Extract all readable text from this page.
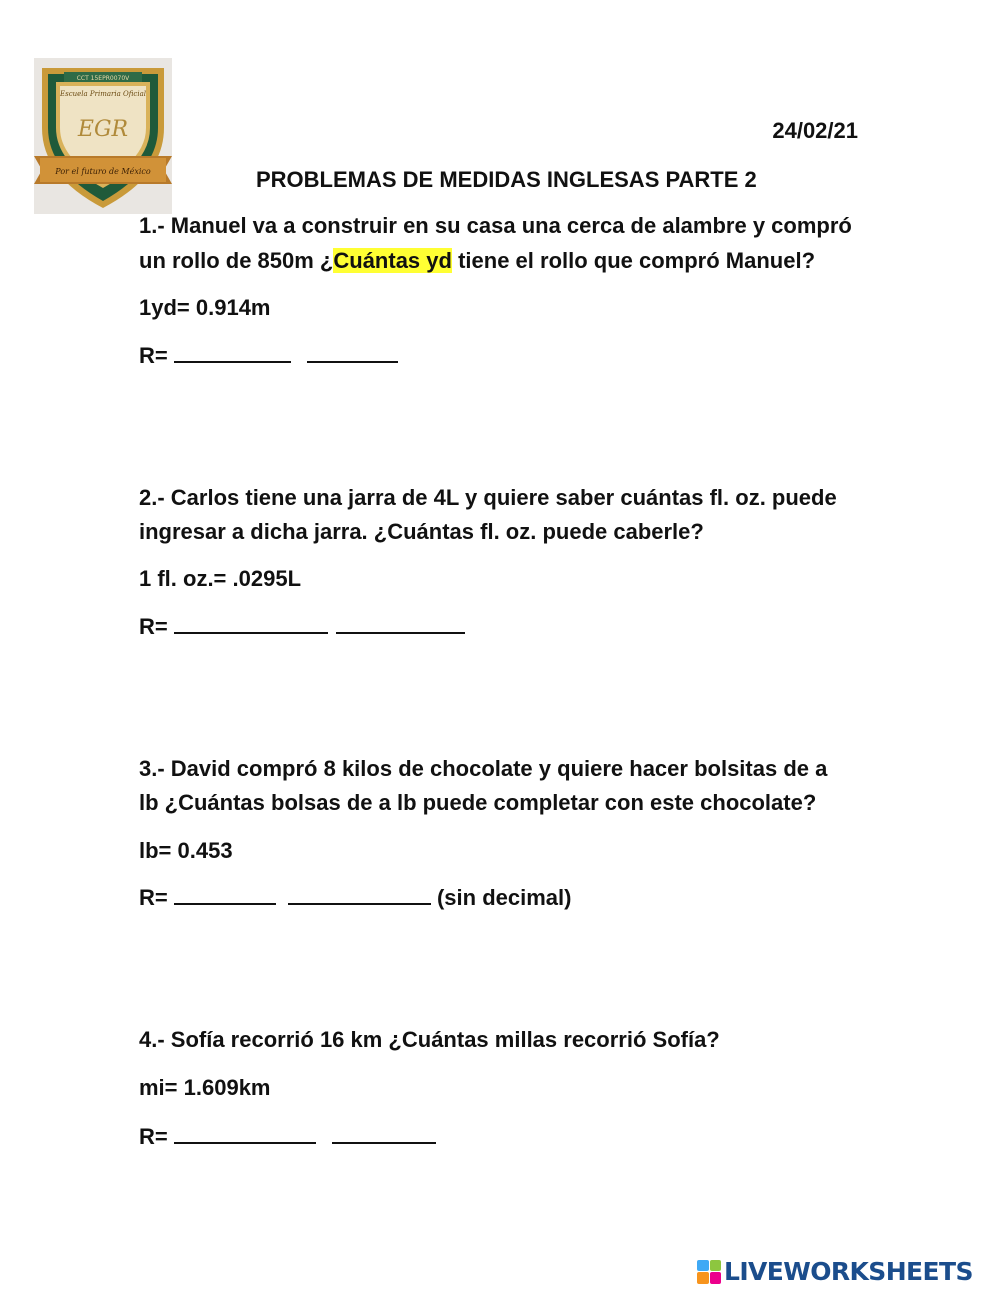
CCT 15EPR0070V
Escuela Primaria Oficial
EGR
Por el futuro de México
24/02/21
PROBLEMAS DE MEDIDAS INGLESAS PARTE 2
1.- Manuel va a construir en su casa una cerca de alambre y compró
un rollo de 850m ¿Cuántas yd tiene el rollo que compró Manuel?
1yd= 0.914m
R=
2.- Carlos tiene una jarra de 4L y quiere saber cuántas fl. oz. puede
ingresar a dicha jarra. ¿Cuántas fl. oz. puede caberle?
1 fl. oz.= .0295L
R=
3.- David compró 8 kilos de chocolate y quiere hacer bolsitas de a
lb ¿Cuántas bolsas de a lb puede completar con este chocolate?
lb= 0.453
R=	(sin decimal)
4.- Sofía recorrió 16 km ¿Cuántas millas recorrió Sofía?
mi= 1.609km
R=
LIVEWORKSHEETS
